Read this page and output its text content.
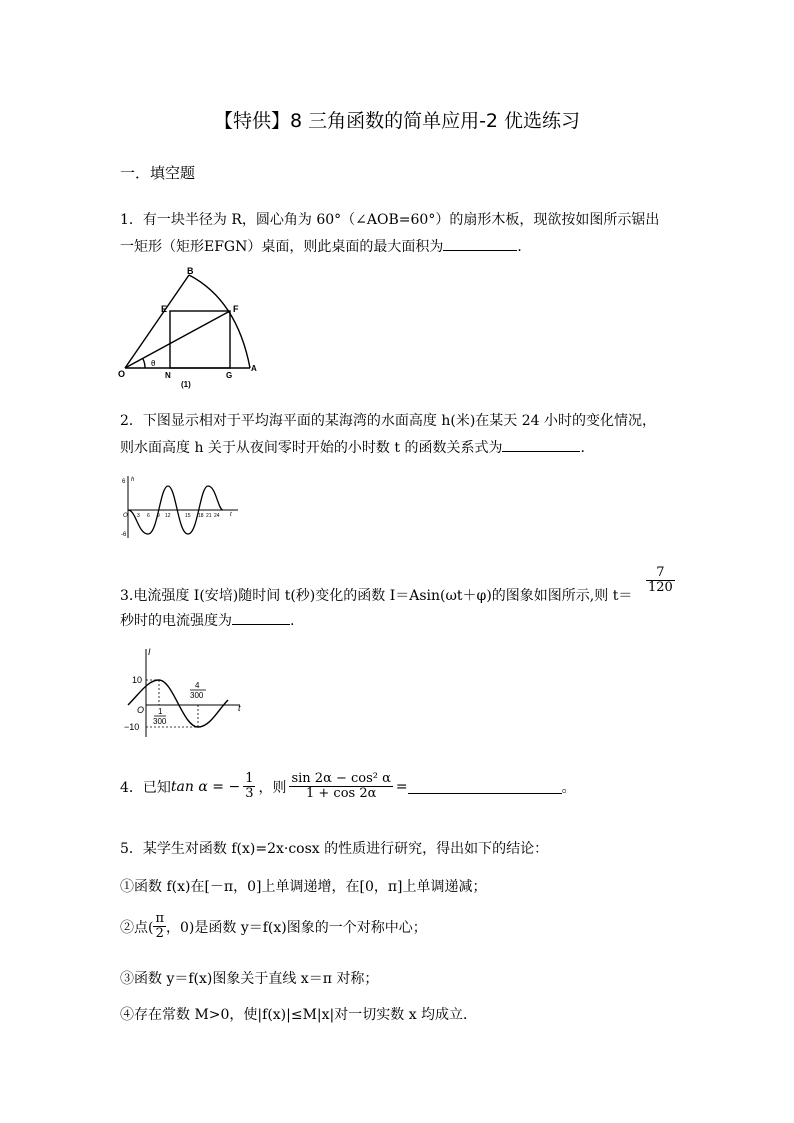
【特供】8 三角函数的简单应用-2 优选练习
一．填空题
1．有一块半径为 R，圆心角为 60°（∠AOB=60°）的扇形木板，现欲按如图所示锯出
一矩形（矩形EFGN）桌面，则此桌面的最大面积为	．
B
E	F
O	N	G
A
θ
(1)
2．下图显示相对于平均海平面的某海湾的水面高度 h(米)在某天 24 小时的变化情况，
则水面高度 h 关于从夜间零时开始的小时数 t 的函数关系式为	.
6
-6
h
t
O 3 6 9 12	15 18 21 24
3.电流强度 I(安培)随时间 t(秒)变化的函数 I＝Asin(ωt＋φ)的图象如图所示,则 t＝
$\frac{7}{120}$
秒时的电流强度为	.
I
t
O
10
−10
1
300
4
300
4．已知 tan α = − $\frac{1}{3}$ ，则 $\frac{\text{sin 2α − cos² α}}{1 + \cos 2\alpha}$ =	。
5．某学生对函数 f(x)=2x·cosx 的性质进行研究，得出如下的结论：
①函数 f(x)在[－π，0]上单调递增，在[0，π]上单调递减；
②点( $\frac{\pi}{2}$ ，0)是函数 y＝f(x)图象的一个对称中心；
③函数 y＝f(x)图象关于直线 x＝π 对称；
④存在常数 M>0，使|f(x)|≤M|x|对一切实数 x 均成立．
